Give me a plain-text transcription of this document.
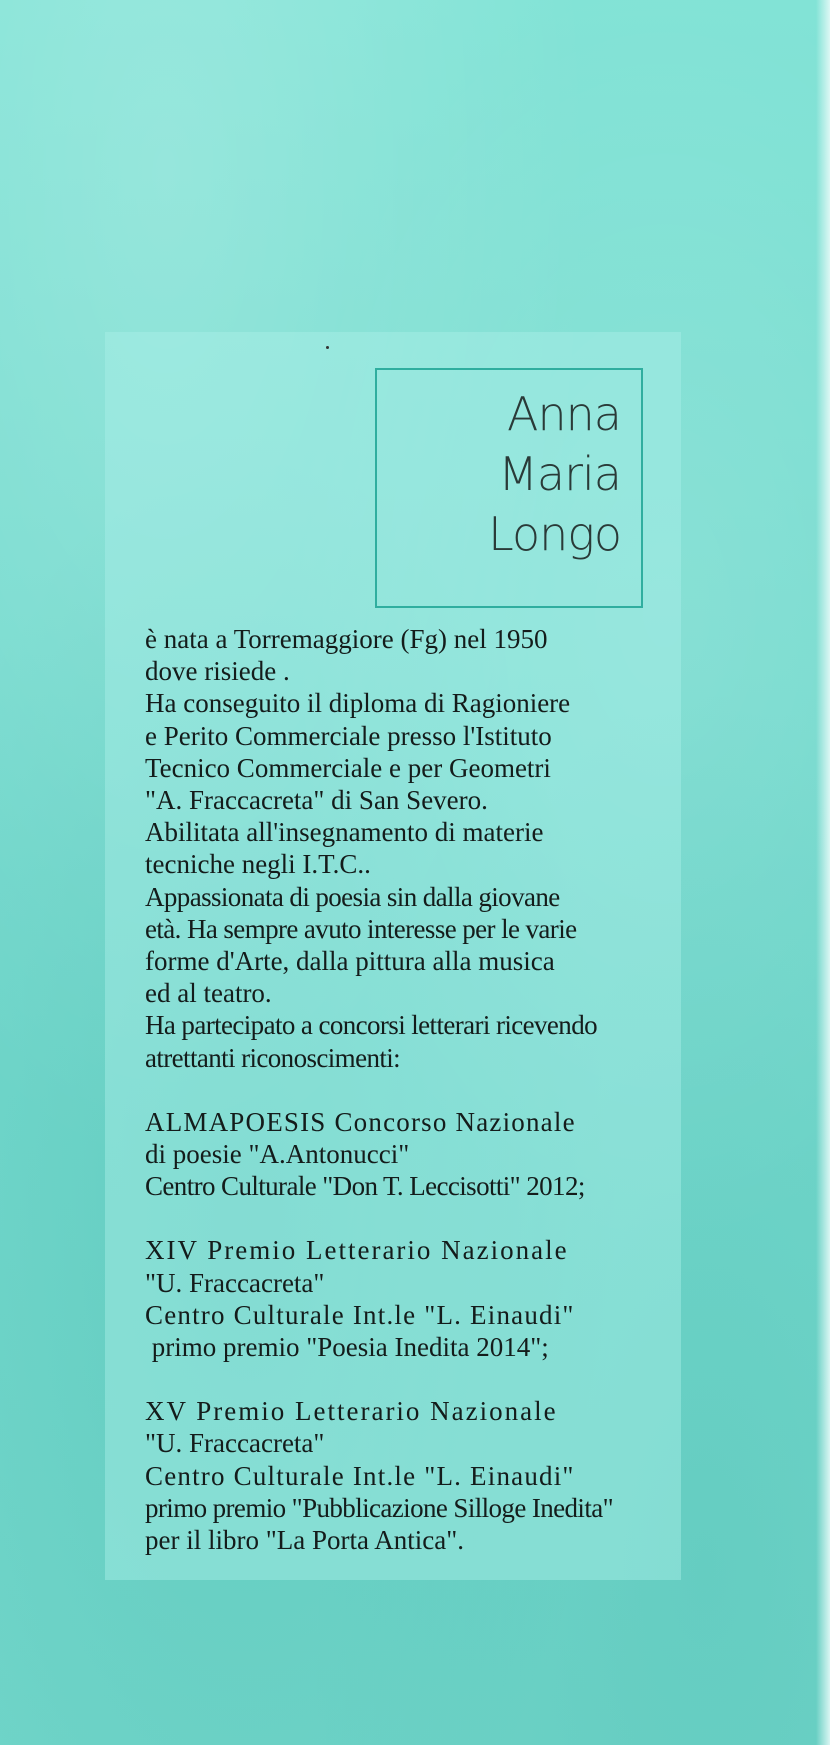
Anna
Maria
Longo

è nata a Torremaggiore (Fg) nel 1950

dove risiede .

Ha conseguito il diploma di Ragioniere

e Perito Commerciale presso l'Istituto

Tecnico Commerciale e per Geometri

"A. Fraccacreta" di San Severo.

Abilitata all'insegnamento di materie

tecniche negli I.T.C..

Appassionata di poesia sin dalla giovane

età. Ha sempre avuto interesse per le varie

forme d'Arte, dalla pittura alla musica

ed al teatro.

Ha partecipato a concorsi letterari ricevendo

atrettanti riconoscimenti:

ALMAPOESIS Concorso Nazionale

di poesie "A.Antonucci"

Centro Culturale "Don T. Leccisotti" 2012;

XIV Premio Letterario Nazionale

"U. Fraccacreta"

Centro Culturale Int.le "L. Einaudi"

primo premio "Poesia Inedita 2014";

XV Premio Letterario Nazionale

"U. Fraccacreta"

Centro Culturale Int.le "L. Einaudi"

primo premio "Pubblicazione Silloge Inedita"

per il libro "La Porta Antica".
